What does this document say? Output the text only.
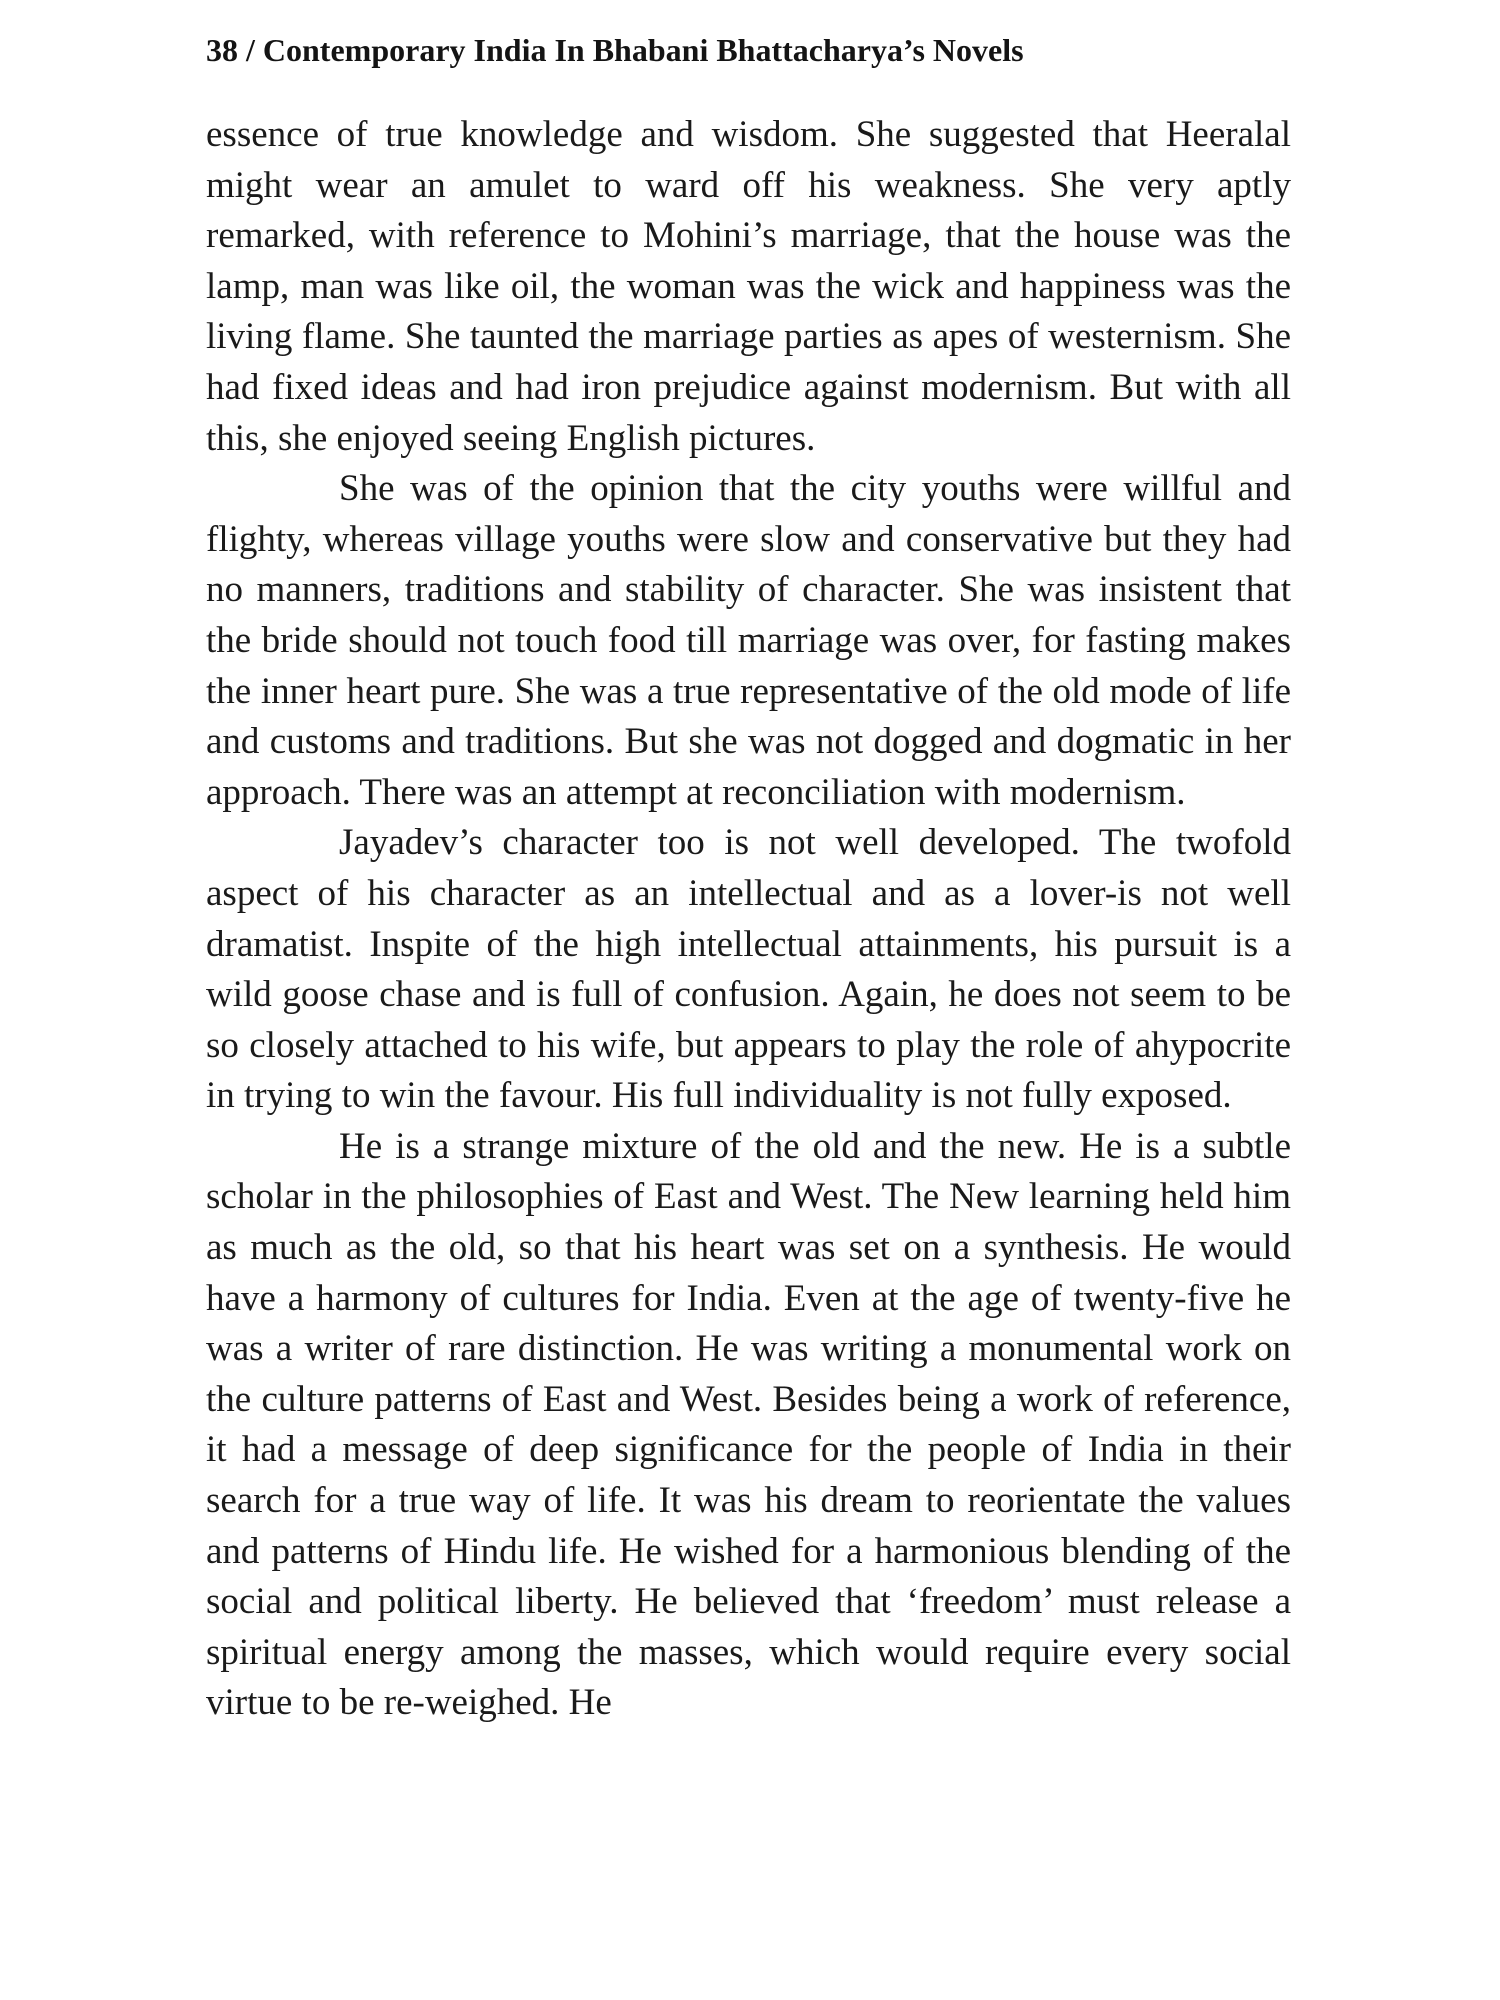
38 / Contemporary India In Bhabani Bhattacharya’s Novels

essence of true knowledge and wisdom. She suggested that Heeralal might wear an amulet to ward off his weakness. She very aptly remarked, with reference to Mohini’s marriage, that the house was the lamp, man was like oil, the woman was the wick and happiness was the living flame. She taunted the marriage parties as apes of westernism. She had fixed ideas and had iron prejudice against modernism. But with all this, she enjoyed seeing English pictures.

She was of the opinion that the city youths were willful and flighty, whereas village youths were slow and conservative but they had no manners, traditions and stability of character. She was insistent that the bride should not touch food till marriage was over, for fasting makes the inner heart pure. She was a true representative of the old mode of life and customs and traditions. But she was not dogged and dogmatic in her approach. There was an attempt at reconciliation with modernism.

Jayadev’s character too is not well developed. The twofold aspect of his character as an intellectual and as a lover-is not well dramatist. Inspite of the high intellectual attainments, his pursuit is a wild goose chase and is full of confusion. Again, he does not seem to be so closely attached to his wife, but appears to play the role of ahypocrite in trying to win the favour. His full individuality is not fully exposed.

He is a strange mixture of the old and the new. He is a subtle scholar in the philosophies of East and West. The New learning held him as much as the old, so that his heart was set on a synthesis. He would have a harmony of cultures for India. Even at the age of twenty-five he was a writer of rare distinction. He was writing a monumental work on the culture patterns of East and West. Besides being a work of reference, it had a message of deep significance for the people of India in their search for a true way of life. It was his dream to reorientate the values and patterns of Hindu life. He wished for a harmonious blending of the social and political liberty. He believed that ‘freedom’ must release a spiritual energy among the masses, which would require every social virtue to be re-weighed. He
